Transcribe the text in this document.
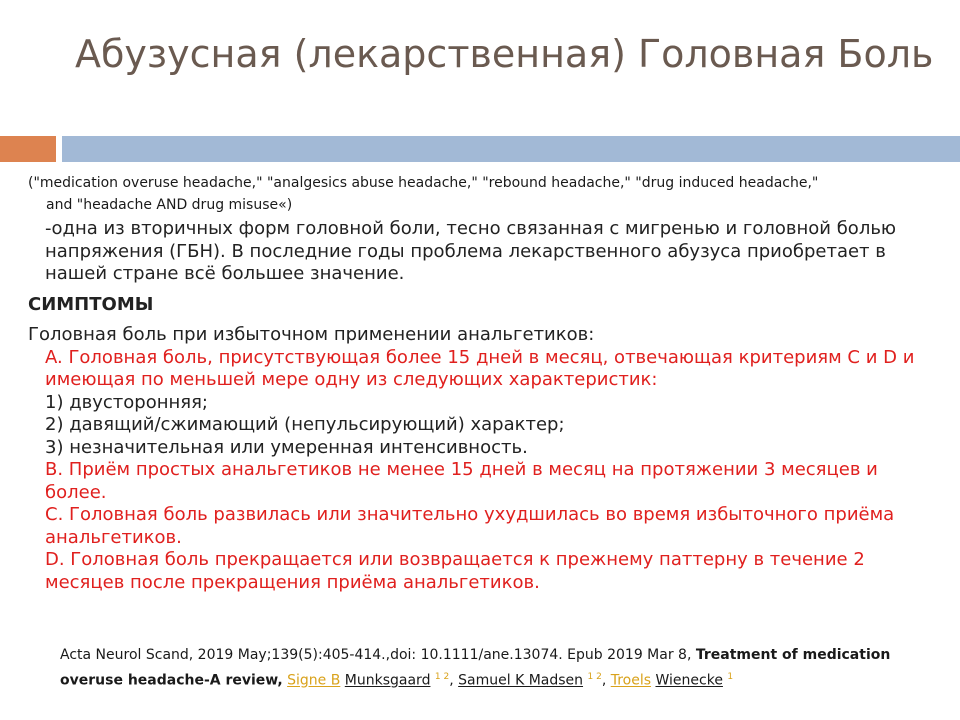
Абузусная (лекарственная) Головная Боль

("medication overuse headache," "analgesics abuse headache," "rebound headache," "drug induced headache,"
and "headache AND drug misuse«)

-одна из вторичных форм головной боли, тесно связанная с мигренью и головной болью напряжения (ГБН). В последние годы проблема лекарственного абузуса приобретает в нашей стране всё большее значение.

СИМПТОМЫ

Головная боль при избыточном применении анальгетиков:

A. Головная боль, присутствующая более 15 дней в месяц, отвечающая критериям С и D и имеющая по меньшей мере одну из следующих характеристик:

1) двусторонняя;

2) давящий/сжимающий (непульсирующий) характер;

3) незначительная или умеренная интенсивность.

B. Приём простых анальгетиков не менее 15 дней в месяц на протяжении 3 месяцев и более.

C. Головная боль развилась или значительно ухудшилась во время избыточного приёма анальгетиков.

D. Головная боль прекращается или возвращается к прежнему паттерну в течение 2 месяцев после прекращения приёма анальгетиков.

Acta Neurol Scand, 2019 May;139(5):405-414.,doi: 10.1111/ane.13074. Epub 2019 Mar 8, Treatment of medication overuse headache-A review, Signe B Munksgaard $^{1 2}$, Samuel K Madsen $^{1 2}$, Troels Wienecke $^1$
